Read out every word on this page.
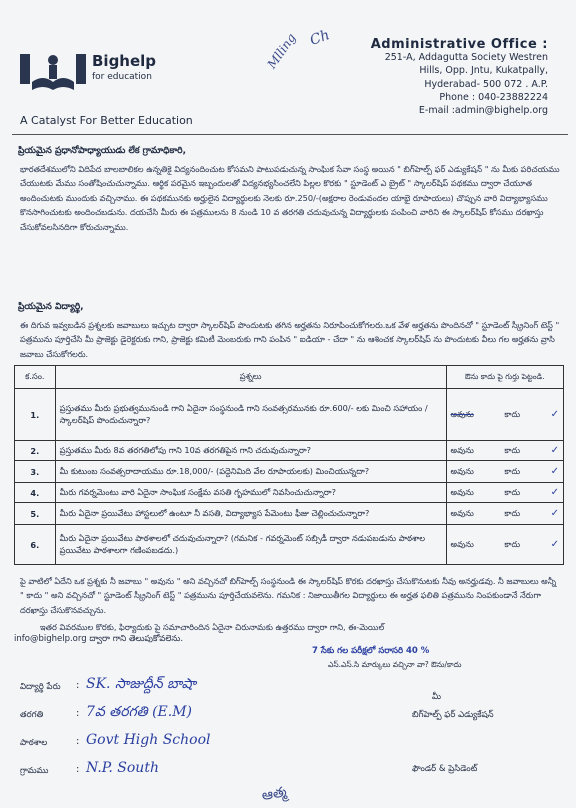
Bighelp
for education
A Catalyst For Better Education
Mlling Ch	Administrative Office :
251-A, Addagutta Society Westren
Hills, Opp. Jntu, Kukatpally,
Hyderabad- 500 072 . A.P.
Phone : 040-23882224
E-mail :admin@bighelp.org
ప్రియమైన ప్రధానోపాధ్యాయుడు లేక గ్రామాధికారి,
భారతదేశములోని విదిపేద బాలబాలికల ఉన్నతికై విద్యనందించుట కోసమని పాటుపడుచున్న సాంఘిక సేవా సంస్థ అయిన " బిగ్‌హెల్ప్ ఫర్ ఎడ్యుకేషన్ " ను మీకు పరిచయము చేయుటకు మేము సంతోషించుచున్నాము. ఆర్థిక పరమైన ఇబ్బందులతో విద్యనభ్యసించలేని పిల్లల కొరకు " స్టూడెంట్ ఎ బ్రైట్ " స్కాలర్‌షిప్ పథకము ద్వారా చేయూత అందించుటకు ముందుకు వచ్చినాము. ఈ పథకమునకు అర్హులైన విద్యార్థులకు నెలకు రూ.250/-(అక్షరాల రెండువందల యాభై రూపాయలు) చొప్పున వారి విద్యాభ్యాసము కొనసాగించుటకు అందించబడును. దయచేసి మీరు ఈ పత్రములను 8 నుండి 10 వ తరగతి చదువుచున్న విద్యార్థులకు పంపించి వారిని ఈ స్కాలర్‌షిప్ కోసము దరఖాస్తు చేసుకోవలసినదిగా కోరుచున్నాము.
ప్రియమైన విద్యార్థి,
ఈ దిగువ ఇవ్వబడిన ప్రశ్నలకు జవాబులు ఇచ్చుట ద్వారా స్కాలర్‌షిప్ పొందుటకు తగిన అర్హతను నిరూపించుకోగలరు.ఒక వేళ అర్హతను పొందినచో " స్టూడెంట్ స్క్రీనింగ్ టెస్ట్ " పత్రమును పూర్తిచేసి మీ ప్రాజెక్టు డైరెక్టరుకు గాని, ప్రాజెక్టు కమిటీ మెంబరుకు గాని పంపిన " ఐడియా - చేదా " ను ఆశించక స్కాలర్‌షిప్ ను పొందుటకు వీలు గల అర్హతను వ్రాసి జవాబు చేసుకోగలరు.
క.సం.	ప్రశ్నలు	ఔను కాదు పై గుర్తు పెట్టండి.
1.	ప్రస్తుతము మీరు ప్రభుత్వమునుండి గాని ఏదైనా సంస్థనుండి గాని సంవత్సరమునకు రూ.600/- లకు మించి సహాయం / స్కాలర్‌షిప్ పొందుచున్నారా?	అవును కాదు ✓

2.	ప్రస్తుతము మీరు 8వ తరగతిలోపు గాని 10వ తరగతిపైన గాని చదువుచున్నారా?	అవును కాదు ✓

3.	మీ కుటుంబ సంవత్సరాదాయము రూ.18,000/- (పద్దెనిమిది వేల రూపాయలకు) మించియున్నదా?	అవును కాదు ✓

4.	మీరు గవర్నమెంటు వారి ఏదైనా సాంఘిక సంక్షేమ వసతి గృహములో నివసించుచున్నారా?	అవును కాదు ✓

5.	మీరు ఏదైనా ప్రయివేటు హాస్టలులో ఉంటూ నీ వసతి, విద్యాభ్యాస పేమెంటు ఫీజు చెల్లించుచున్నారా?	అవును కాదు ✓

6.	మీరు ఏదైనా ప్రయివేటు పాఠశాలలో చదువుచున్నారా? (గమనిక - గవర్నమెంట్ సబ్సిడీ ద్వారా నడుపబడును పాఠశాల ప్రయివేటు పాఠశాలగా గణింపబడదు.)	అవును కాదు ✓
పై వాటిలో ఏదేని ఒక ప్రశ్నకు నీ జవాబు " అవును " అని వచ్చినచో బిగ్‌హెల్ప్ సంస్థనుండి ఈ స్కాలర్‌షిప్ కొరకు దరఖాస్తు చేసుకొనుటకు నీవు అనర్హుడవు. నీ జవాబులు అన్నీ " కాదు " అని వచ్చినచో " స్టూడెంట్ స్క్రీనింగ్ టెస్ట్ " పత్రమును పూర్తిచేయవలెను. గమనిక : నిజాయితీగల విద్యార్థులు ఈ అర్హత ఫలితి పత్రమును నింపకుండానే నేరుగా దరఖాస్తు చేసుకొనవచ్చును.
ఇతర వివరముల కొరకు, ఫిర్యాదుకు పై సమాచారిందిన ఏదైనా చిరునామకు ఉత్తరము ద్వారా గాని, ఈ-మెయిల్
info@bighelp.org ద్వారా గాని తెలుపుకోవలెను.
7 సేకు గల పరీక్షలో సరాసరి 40 %
ఎస్.ఎస్.సి మార్కులు వచ్చినా వా? ఔను/కాదు
విద్యార్థి పేరు : SK. సాజుద్దీన్ బాషా
తరగతి	: 7వ తరగతి (E.M)
పాఠశాల	: Govt High School
గ్రామము	: N.P. South
మీ
బిగ్‌హెల్ప్ ఫర్ ఎడ్యుకేషన్
ఫౌండర్ & ప్రెసిడెంట్
ఆత్మ
